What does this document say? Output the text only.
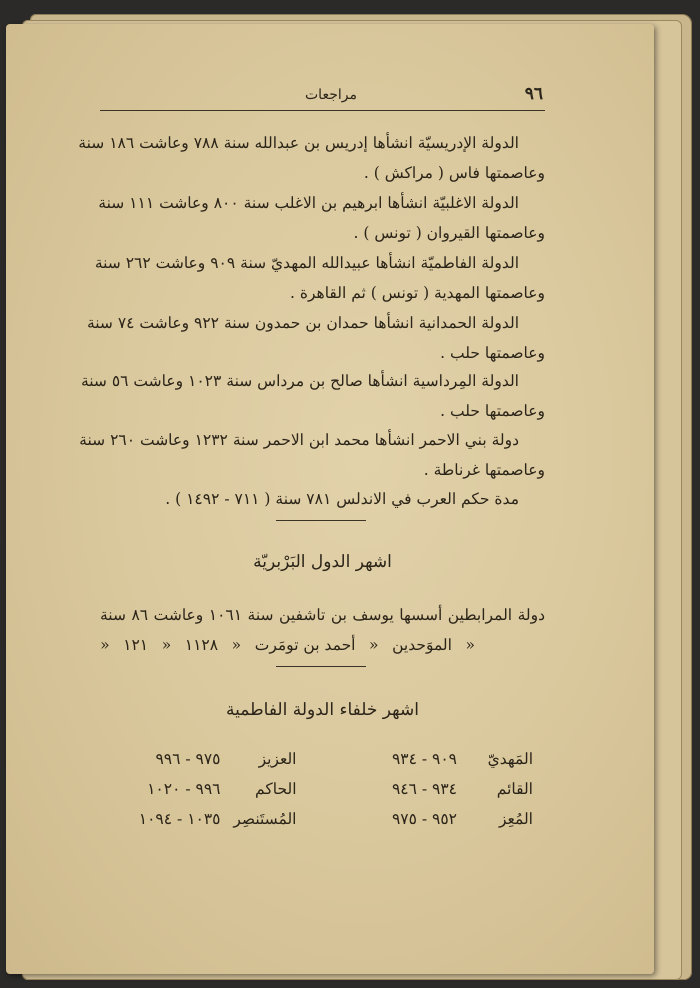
٩٦
مراجعات
الدولة الإدريسيّة انشأها إدريس بن عبدالله سنة ٧٨٨ وعاشت ١٨٦ سنة
وعاصمتها فاس ( مراكش ) .
الدولة الاغلبيّة انشأها ابرهيم بن الاغلب سنة ٨٠٠ وعاشت ١١١ سنة
وعاصمتها القيروان ( تونس ) .
الدولة الفاطميّة انشأها عبيدالله المهديّ سنة ٩٠٩ وعاشت ٢٦٢ سنة
وعاصمتها المهدية ( تونس ) ثم القاهرة .
الدولة الحمدانية انشأها حمدان بن حمدون سنة ٩٢٢ وعاشت ٧٤ سنة
وعاصمتها حلب .
الدولة المِرداسية انشأها صالح بن مرداس سنة ١٠٢٣ وعاشت ٥٦ سنة
وعاصمتها حلب .
دولة بني الاحمر انشأها محمد ابن الاحمر سنة ١٢٣٢ وعاشت ٢٦٠ سنة
وعاصمتها غرناطة .
مدة حكم العرب في الاندلس ٧٨١ سنة ( ٧١١ - ١٤٩٢ ) .
اشهر الدول البَرْبريّة
دولة المرابطين أسسها يوسف بن تاشفين سنة ١٠٦١ وعاشت ٨٦ سنة
«
الموَحدين
«
أحمد بن تومَرت
«
١١٢٨
«
١٢١
«
اشهر خلفاء الدولة الفاطمية
المَهديّ
٩٠٩ - ٩٣٤
العزيز
٩٧٥ - ٩٩٦
القائم
٩٣٤ - ٩٤٦
الحاكم
٩٩٦ - ١٠٢٠
المُعِز
٩٥٢ - ٩٧٥
المُستَنصِر
١٠٣٥ - ١٠٩٤
